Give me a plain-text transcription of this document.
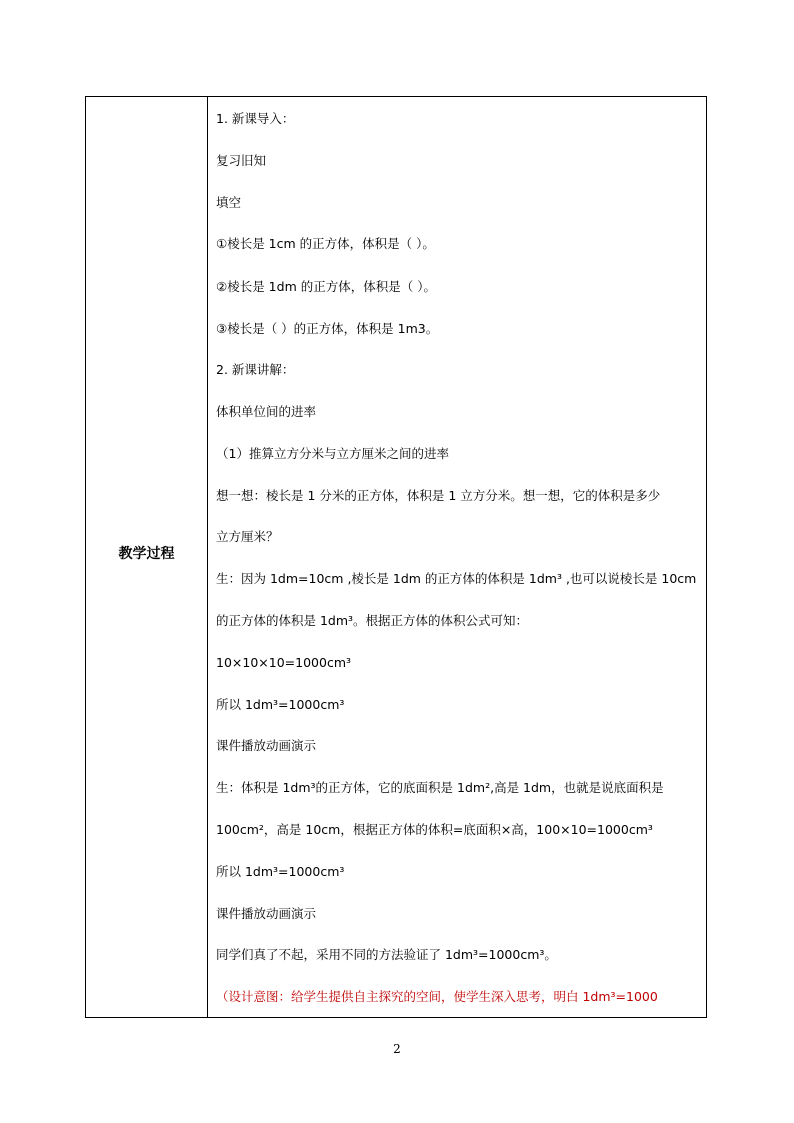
教学过程
1. 新课导入：
复习旧知
填空
①棱长是 1cm 的正方体，体积是（ ）。
②棱长是 1dm 的正方体，体积是（ ）。
③棱长是（ ）的正方体，体积是 1m3。
2. 新课讲解：
体积单位间的进率
（1）推算立方分米与立方厘米之间的进率
想一想：棱长是 1 分米的正方体，体积是 1 立方分米。想一想，它的体积是多少
立方厘米？
生：因为 1dm=10cm ,棱长是 1dm 的正方体的体积是 1dm³ ,也可以说棱长是 10cm
的正方体的体积是 1dm³。根据正方体的体积公式可知：
10×10×10=1000cm³
所以 1dm³=1000cm³
课件播放动画演示
生：体积是 1dm³的正方体，它的底面积是 1dm²,高是 1dm，也就是说底面积是
100cm²，高是 10cm，根据正方体的体积=底面积×高，100×10=1000cm³
所以 1dm³=1000cm³
课件播放动画演示
同学们真了不起，采用不同的方法验证了 1dm³=1000cm³。
（设计意图：给学生提供自主探究的空间，使学生深入思考，明白 1dm³=1000
2
